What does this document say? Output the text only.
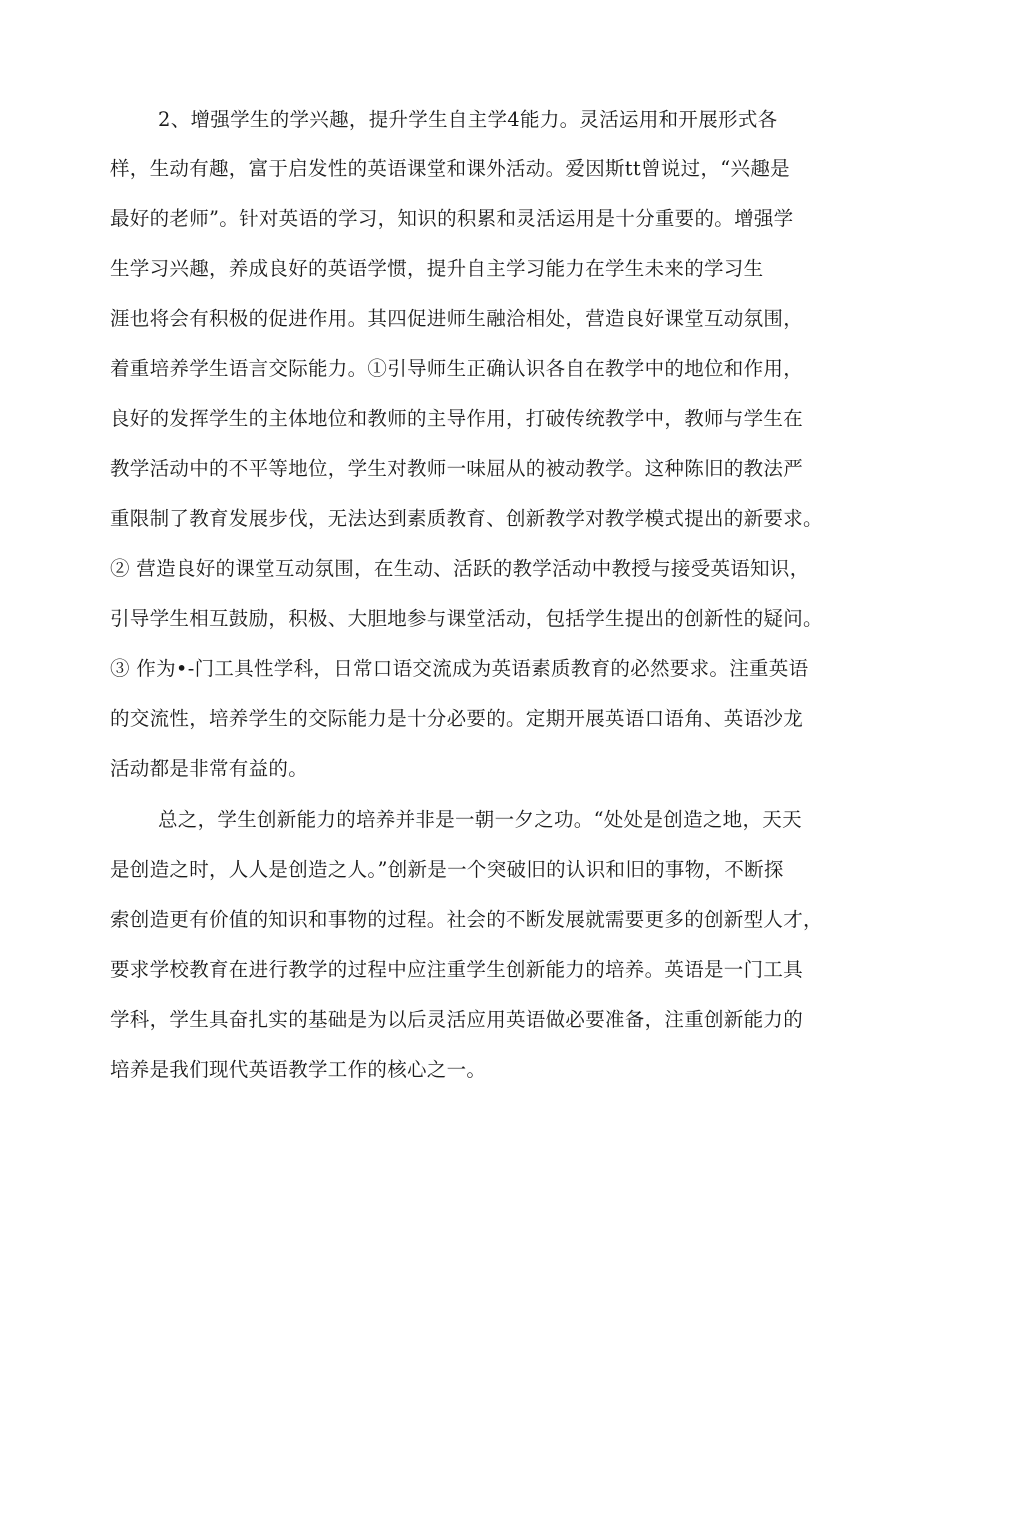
2、增强学生的学兴趣，提升学生自主学4能力。灵活运用和开展形式各

样，生动有趣，富于启发性的英语课堂和课外活动。爱因斯tt曾说过，“兴趣是

最好的老师”。针对英语的学习，知识的积累和灵活运用是十分重要的。增强学

生学习兴趣，养成良好的英语学惯，提升自主学习能力在学生未来的学习生

涯也将会有积极的促进作用。其四促进师生融洽相处，营造良好课堂互动氛围，

着重培养学生语言交际能力。①引导师生正确认识各自在教学中的地位和作用，

良好的发挥学生的主体地位和教师的主导作用，打破传统教学中，教师与学生在

教学活动中的不平等地位，学生对教师一味屈从的被动教学。这种陈旧的教法严

重限制了教育发展步伐，无法达到素质教育、创新教学对教学模式提出的新要求。

② 营造良好的课堂互动氛围，在生动、活跃的教学活动中教授与接受英语知识，

引导学生相互鼓励，积极、大胆地参与课堂活动，包括学生提出的创新性的疑问。

③ 作为•-门工具性学科，日常口语交流成为英语素质教育的必然要求。注重英语

的交流性，培养学生的交际能力是十分必要的。定期开展英语口语角、英语沙龙

活动都是非常有益的。

总之，学生创新能力的培养并非是一朝一夕之功。“处处是创造之地，天天

是创造之时，人人是创造之人。”创新是一个突破旧的认识和旧的事物，不断探

索创造更有价值的知识和事物的过程。社会的不断发展就需要更多的创新型人才，

要求学校教育在进行教学的过程中应注重学生创新能力的培养。英语是一门工具

学科，学生具奋扎实的基础是为以后灵活应用英语做必要准备，注重创新能力的

培养是我们现代英语教学工作的核心之一。
